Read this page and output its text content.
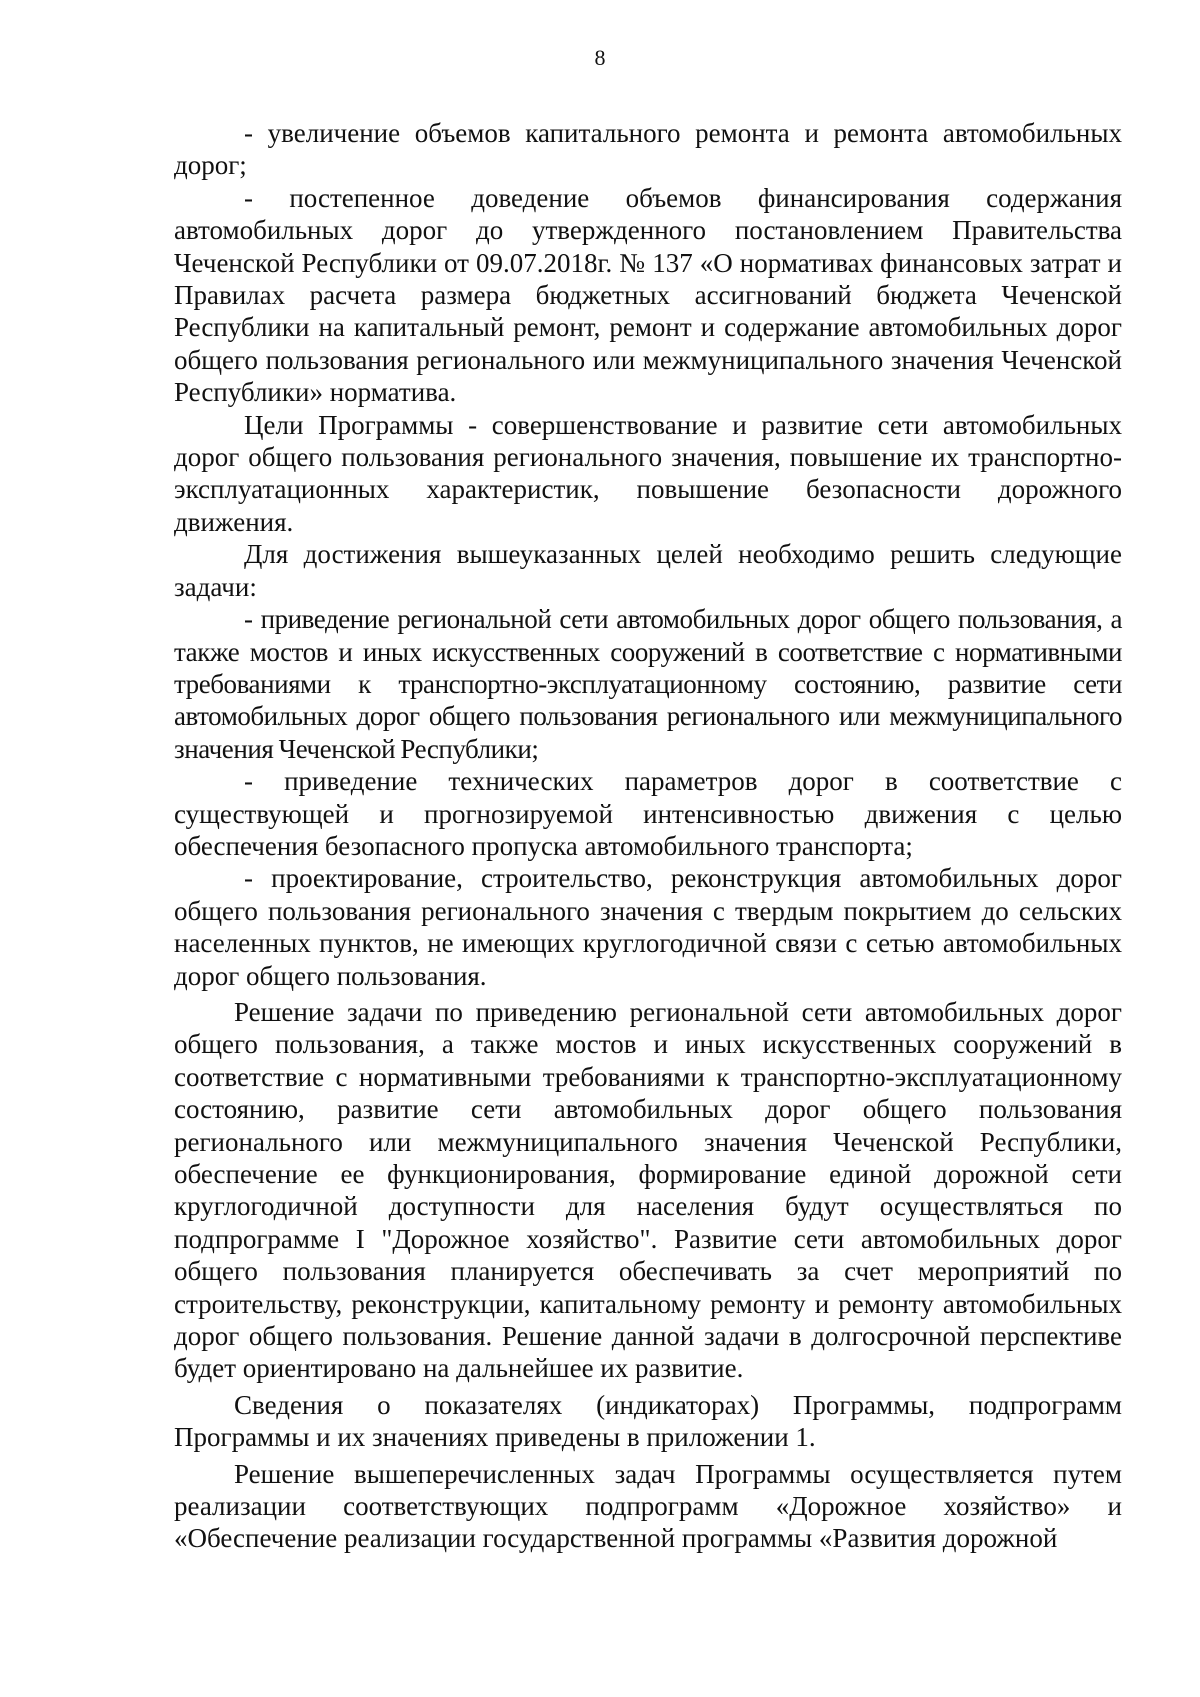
8

- увеличение объемов капитального ремонта и ремонта автомобильных дорог;

- постепенное доведение объемов финансирования содержания автомобильных дорог до утвержденного постановлением Правительства Чеченской Республики от 09.07.2018г. № 137 «О нормативах финансовых затрат и Правилах расчета размера бюджетных ассигнований бюджета Чеченской Республики на капитальный ремонт, ремонт и содержание автомобильных дорог общего пользования регионального или межмуниципального значения Чеченской Республики» норматива.

Цели Программы - совершенствование и развитие сети автомобильных дорог общего пользования регионального значения, повышение их транспортно-эксплуатационных характеристик, повышение безопасности дорожного движения.

Для достижения вышеуказанных целей необходимо решить следующие задачи:

- приведение региональной сети автомобильных дорог общего пользования, а также мостов и иных искусственных сооружений в соответствие с нормативными требованиями к транспортно-эксплуатационному состоянию, развитие сети автомобильных дорог общего пользования регионального или межмуниципального значения Чеченской Республики;

- приведение технических параметров дорог в соответствие с существующей и прогнозируемой интенсивностью движения с целью обеспечения безопасного пропуска автомобильного транспорта;

- проектирование, строительство, реконструкция автомобильных дорог общего пользования регионального значения с твердым покрытием до сельских населенных пунктов, не имеющих круглогодичной связи с сетью автомобильных дорог общего пользования.

Решение задачи по приведению региональной сети автомобильных дорог общего пользования, а также мостов и иных искусственных сооружений в соответствие с нормативными требованиями к транспортно-эксплуатационному состоянию, развитие сети автомобильных дорог общего пользования регионального или межмуниципального значения Чеченской Республики, обеспечение ее функционирования, формирование единой дорожной сети круглогодичной доступности для населения будут осуществляться по подпрограмме I "Дорожное хозяйство". Развитие сети автомобильных дорог общего пользования планируется обеспечивать за счет мероприятий по строительству, реконструкции, капитальному ремонту и ремонту автомобильных дорог общего пользования. Решение данной задачи в долгосрочной перспективе будет ориентировано на дальнейшее их развитие.

Сведения о показателях (индикаторах) Программы, подпрограмм Программы и их значениях приведены в приложении 1.

Решение вышеперечисленных задач Программы осуществляется путем реализации соответствующих подпрограмм «Дорожное хозяйство» и «Обеспечение реализации государственной программы «Развития дорожной
